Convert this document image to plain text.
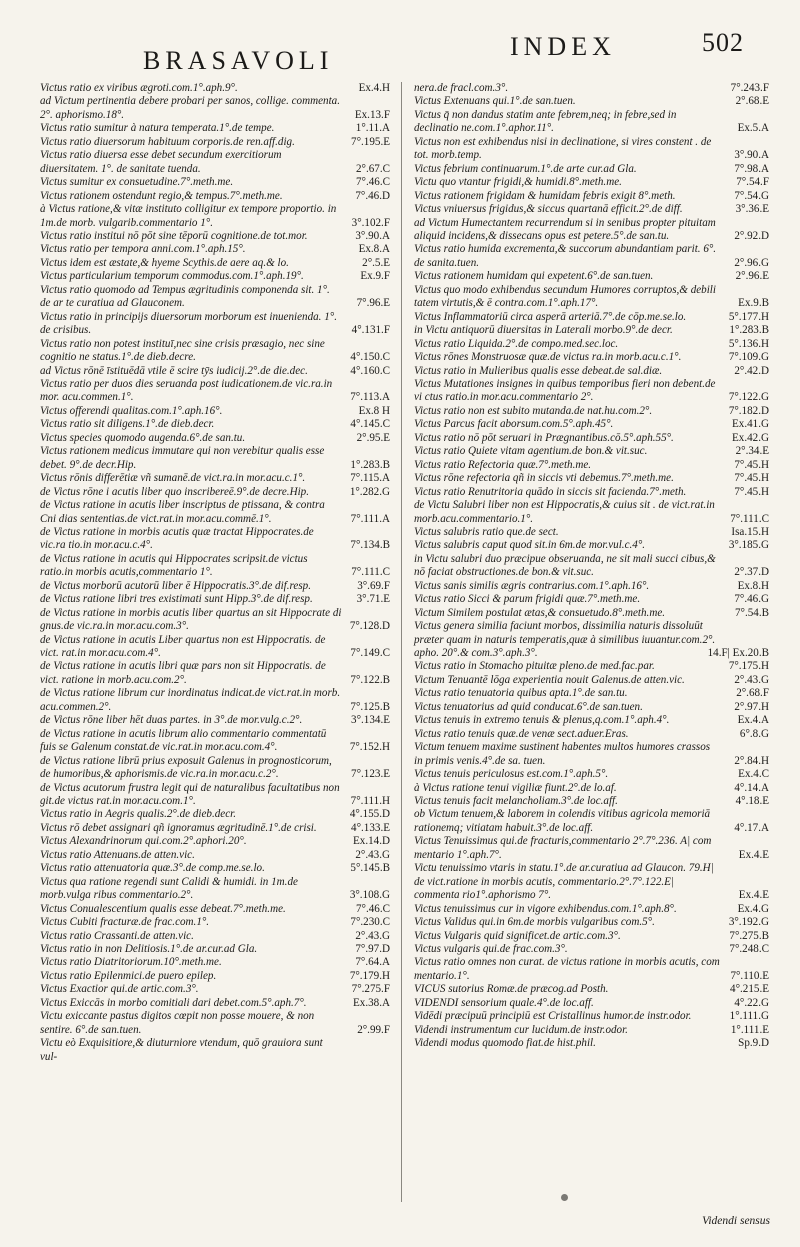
BRASAVOLI	INDEX	502

Victus ratio ex viribus ægroti.com.1°.aph.9°.	Ex.4.H

ad Victum pertinentia debere probari per sanos, collige. commenta. 2°. aphorismo.18°.	Ex.13.F

Victus ratio sumitur à natura temperata.1°.de tempe.	1°.11.A

Victus ratio diuersorum habituum corporis.de ren.aff.dig.	7°.195.E

Victus ratio diuersa esse debet secundum exercitiorum diuersitatem. 1°. de sanitate tuenda.	2°.67.C

Victus sumitur ex consuetudine.7°.meth.me.	7°.46.C

Victus rationem ostendunt regio,& tempus.7°.meth.me.	7°.46.D

à Victus ratione,& vitæ instituto colligitur ex tempore proportio. in 1m.de morb. vulgarib.commentario 1°.	3°.102.F

Victus ratio institui nō pōt sine tēporū cognitione.de tot.mor.	3°.90.A

Victus ratio per tempora anni.com.1°.aph.15°.	Ex.8.A

Victus idem est æstate,& hyeme Scythis.de aere aq.& lo.	2°.5.E

Victus particularium temporum commodus.com.1°.aph.19°.	Ex.9.F

Victus ratio quomodo ad Tempus ægritudinis componenda sit. 1°. de ar te curatiua ad Glauconem.	7°.96.E

Victus ratio in principijs diuersorum morborum est inuenienda. 1°. de crisibus.	4°.131.F

Victus ratio non potest instituī,nec sine crisis præsagio, nec sine cognitio ne status.1°.de dieb.decre.	4°.150.C

ad Victus rōnē īstituēdā vtile ē scire tȳs iudicij.2°.de die.dec.	4°.160.C

Victus ratio per duos dies seruanda post iudicationem.de vic.ra.in mor. acu.commen.1°.	7°.113.A

Victus offerendi qualitas.com.1°.aph.16°.	Ex.8 H

Victus ratio sit diligens.1°.de dieb.decr.	4°.145.C

Victus species quomodo augenda.6°.de san.tu.	2°.95.E

Victus rationem medicus immutare qui non verebitur qualis esse debet. 9°.de decr.Hip.	1°.283.B

Victus rōnis differētiæ vñ sumanē.de vict.ra.in mor.acu.c.1°.	7°.115.A

de Victus rōne i acutis liber quo inscribereē.9°.de decre.Hip.	1°.282.G

de Victus ratione in acutis liber inscriptus de ptissana, & contra Cni dias sententias.de vict.rat.in mor.acu.commē.1°.	7°.111.A

de Victus ratione in morbis acutis quæ tractat Hippocrates.de vic.ra tio.in mor.acu.c.4°.	7°.134.B

de Victus ratione in acutis qui Hippocrates scripsit.de victus ratio.in morbis acutis,commentario 1°.	7°.111.C

de Victus morborū acutorū liber ē Hippocratis.3°.de dif.resp.	3°.69.F

de Victus ratione libri tres existimati sunt Hipp.3°.de dif.resp.	3°.71.E

de Victus ratione in morbis acutis liber quartus an sit Hippocrate di gnus.de vic.ra.in mor.acu.com.3°.	7°.128.D

de Victus ratione in acutis Liber quartus non est Hippocratis. de vict. rat.in mor.acu.com.4°.	7°.149.C

de Victus ratione in acutis libri quæ pars non sit Hippocratis. de vict. ratione in morb.acu.com.2°.	7°.122.B

de Victus ratione librum cur inordinatus indicat.de vict.rat.in morb. acu.commen.2°.	7°.125.B

de Victus rōne liber hēt duas partes. in 3°.de mor.vulg.c.2°.	3°.134.E

de Victus ratione in acutis librum alio commentario commentatū fuis se Galenum constat.de vic.rat.in mor.acu.com.4°.	7°.152.H

de Victus ratione librū prius exposuit Galenus in prognosticorum, de humoribus,& aphorismis.de vic.ra.in mor.acu.c.2°.	7°.123.E

de Victus acutorum frustra legit qui de naturalibus facultatibus non git.de victus rat.in mor.acu.com.1°.	7°.111.H

Victus ratio in Aegris qualis.2°.de dieb.decr.	4°.155.D

Victus rō debet assignari qñ ignoramus ægritudinē.1°.de crisi.	4°.133.E

Victus Alexandrinorum qui.com.2°.aphori.20°.	Ex.14.D

Victus ratio Attenuans.de atten.vic.	2°.43.G

Victus ratio attenuatoria quæ.3°.de comp.me.se.lo.	5°.145.B

Victus qua ratione regendi sunt Calidi & humidi. in 1m.de morb.vulga ribus commentario.2°.	3°.108.G

Victus Conualescentium qualis esse debeat.7°.meth.me.	7°.46.C

Victus Cubiti fracturæ.de frac.com.1°.	7°.230.C

Victus ratio Crassanti.de atten.vic.	2°.43.G

Victus ratio in non Delitiosis.1°.de ar.cur.ad Gla.	7°.97.D

Victus ratio Diatritoriorum.10°.meth.me.	7°.64.A

Victus ratio Epilептici.de puero epilep.	7°.179.H

Victus Exactior qui.de artic.com.3°.	7°.275.F

Victus Exiccās in morbo comitiali dari debet.com.5°.aph.7°.	Ex.38.A

Victu exiccante pastus digitos cœpit non posse mouere, & non sentire. 6°.de san.tuen.	2°.99.F

Victu eò Exquisitiore,& diuturniore vtendum, quō grauiora sunt vul-

nera.de fracl.com.3°.	7°.243.F

Victus Extenuans qui.1°.de san.tuen.	2°.68.E

Victus q̄ non dandus statim ante febrem,neq; in febre,sed in declinatio ne.com.1°.aphor.11°.	Ex.5.A

Victus non est exhibendus nisi in declinatione, si vires constent . de tot. morb.temp.	3°.90.A

Victus febrium continuarum.1°.de arte cur.ad Gla.	7°.98.A

Victu quo vtantur frigidi,& humidi.8°.meth.me.	7°.54.F

Victus rationem frigidam & humidam febris exigit 8°.meth.	7°.54.G

Victus vniuersus frigidus,& siccus quartanā efficit.2°.de diff.	3°.36.E

ad Victum Humectantem recurrendum si in senibus propter pituitam aliquid incidens,& dissecans opus est petere.5°.de san.tu.	2°.92.D

Victus ratio humida excrementa,& succorum abundantiam parit. 6°. de sanita.tuen.	2°.96.G

Victus rationem humidam qui expetent.6°.de san.tuen.	2°.96.E

Victus quo modo exhibendus secundum Humores corruptos,& debili tatem virtutis,& ē contra.com.1°.aph.17°.	Ex.9.B

Victus Inflammatoriū circa asperā arteriā.7°.de cōp.me.se.lo.	5°.177.H

in Victu antiquorū diuersitas in Laterali morbo.9°.de decr.	1°.283.B

Victus ratio Liquida.2°.de compo.med.sec.loc.	5°.136.H

Victus rōnes Monstruosæ quæ.de victus ra.in morb.acu.c.1°.	7°.109.G

Victus ratio in Mulieribus qualis esse debeat.de sal.diæ.	2°.42.D

Victus Mutationes insignes in quibus temporibus fieri non debent.de vi ctus ratio.in mor.acu.commentario 2°.	7°.122.G

Victus ratio non est subito mutanda.de nat.hu.com.2°.	7°.182.D

Victus Parcus facit aborsum.com.5°.aph.45°.	Ex.41.G

Victus ratio nō pōt seruari in Prægnantibus.cō.5°.aph.55°.	Ex.42.G

Victus ratio Quiete vitam agentium.de bon.& vit.suc.	2°.34.E

Victus ratio Refectoria quæ.7°.meth.me.	7°.45.H

Victus rōne refectoria qñ in siccis vti debemus.7°.meth.me.	7°.45.H

Victus ratio Renutritoria quādo in siccis sit facienda.7°.meth.	7°.45.H

de Victu Salubri liber non est Hippocratis,& cuius sit . de vict.rat.in morb.acu.commentario.1°.	7°.111.C

Victus salubris ratio que.de sect.	Isa.15.H

Victus salubris caput quod sit.in 6m.de mor.vul.c.4°.	3°.185.G

in Victu salubri duo præcipue obseruanda, ne sit mali succi cibus,& nō faciat obstructiones.de bon.& vit.suc.	2°.37.D

Victus sanis similis ægris contrarius.com.1°.aph.16°.	Ex.8.H

Victus ratio Sicci & parum frigidi quæ.7°.meth.me.	7°.46.G

Victum Similem postulat ætas,& consuetudo.8°.meth.me.	7°.54.B

Victus genera similia faciunt morbos, dissimilia naturis dissoluūt præter quam in naturis temperatis,quæ à similibus iuuantur.com.2°. apho. 20°.& com.3°.aph.3°.	14.F| Ex.20.B

Victus ratio in Stomacho pituitæ pleno.de med.fac.par.	7°.175.H

Victum Tenuantē lōga experientia nouit Galenus.de atten.vic.	2°.43.G

Victus ratio tenuatoria quibus apta.1°.de san.tu.	2°.68.F

Victus tenuatorius ad quid conducat.6°.de san.tuen.	2°.97.H

Victus tenuis in extremo tenuis & plenus,q.com.1°.aph.4°.	Ex.4.A

Victus ratio tenuis quæ.de venæ sect.aduer.Eras.	6°.8.G

Victum tenuem maxime sustinent habentes multos humores crassos in primis venis.4°.de sa. tuen.	2°.84.H

Victus tenuis periculosus est.com.1°.aph.5°.	Ex.4.C

à Victus ratione tenui vigiliæ fiunt.2°.de lo.af.	4°.14.A

Victus tenuis facit melancholiam.3°.de loc.aff.	4°.18.E

ob Victum tenuem,& laborem in colendis vitibus agricola memoriā rationemq; vitiatam habuit.3°.de loc.aff.	4°.17.A

Victus Tenuissimus qui.de fracturis,commentario 2°.7°.236. A| com mentario 1°.aph.7°.	Ex.4.E

Victu tenuissimo vtaris in statu.1°.de ar.curatiua ad Glaucon. 79.H| de vict.ratione in morbis acutis, commentario.2°.7°.122.E| commenta rio1°.aphorismo 7°.	Ex.4.E

Victus tenuissimus cur in vigore exhibendus.com.1°.aph.8°.	Ex.4.G

Victus Validus qui.in 6m.de morbis vulgaribus com.5°.	3°.192.G

Victus Vulgaris quid significet.de artic.com.3°.	7°.275.B

Victus vulgaris qui.de frac.com.3°.	7°.248.C

Victus ratio omnes non curat. de victus ratione in morbis acutis, com mentario.1°.	7°.110.E

VICUS sutorius Romæ.de præcog.ad Posth.	4°.215.E

VIDENDI sensorium quale.4°.de loc.aff.	4°.22.G

Vidēdi præcipuū principiū est Cristallinus humor.de instr.odor.	1°.111.G

Videndi instrumentum cur lucidum.de instr.odor.	1°.111.E

Videndi modus quomodo fiat.de hist.phil.	Sp.9.D

Videndi sensus
